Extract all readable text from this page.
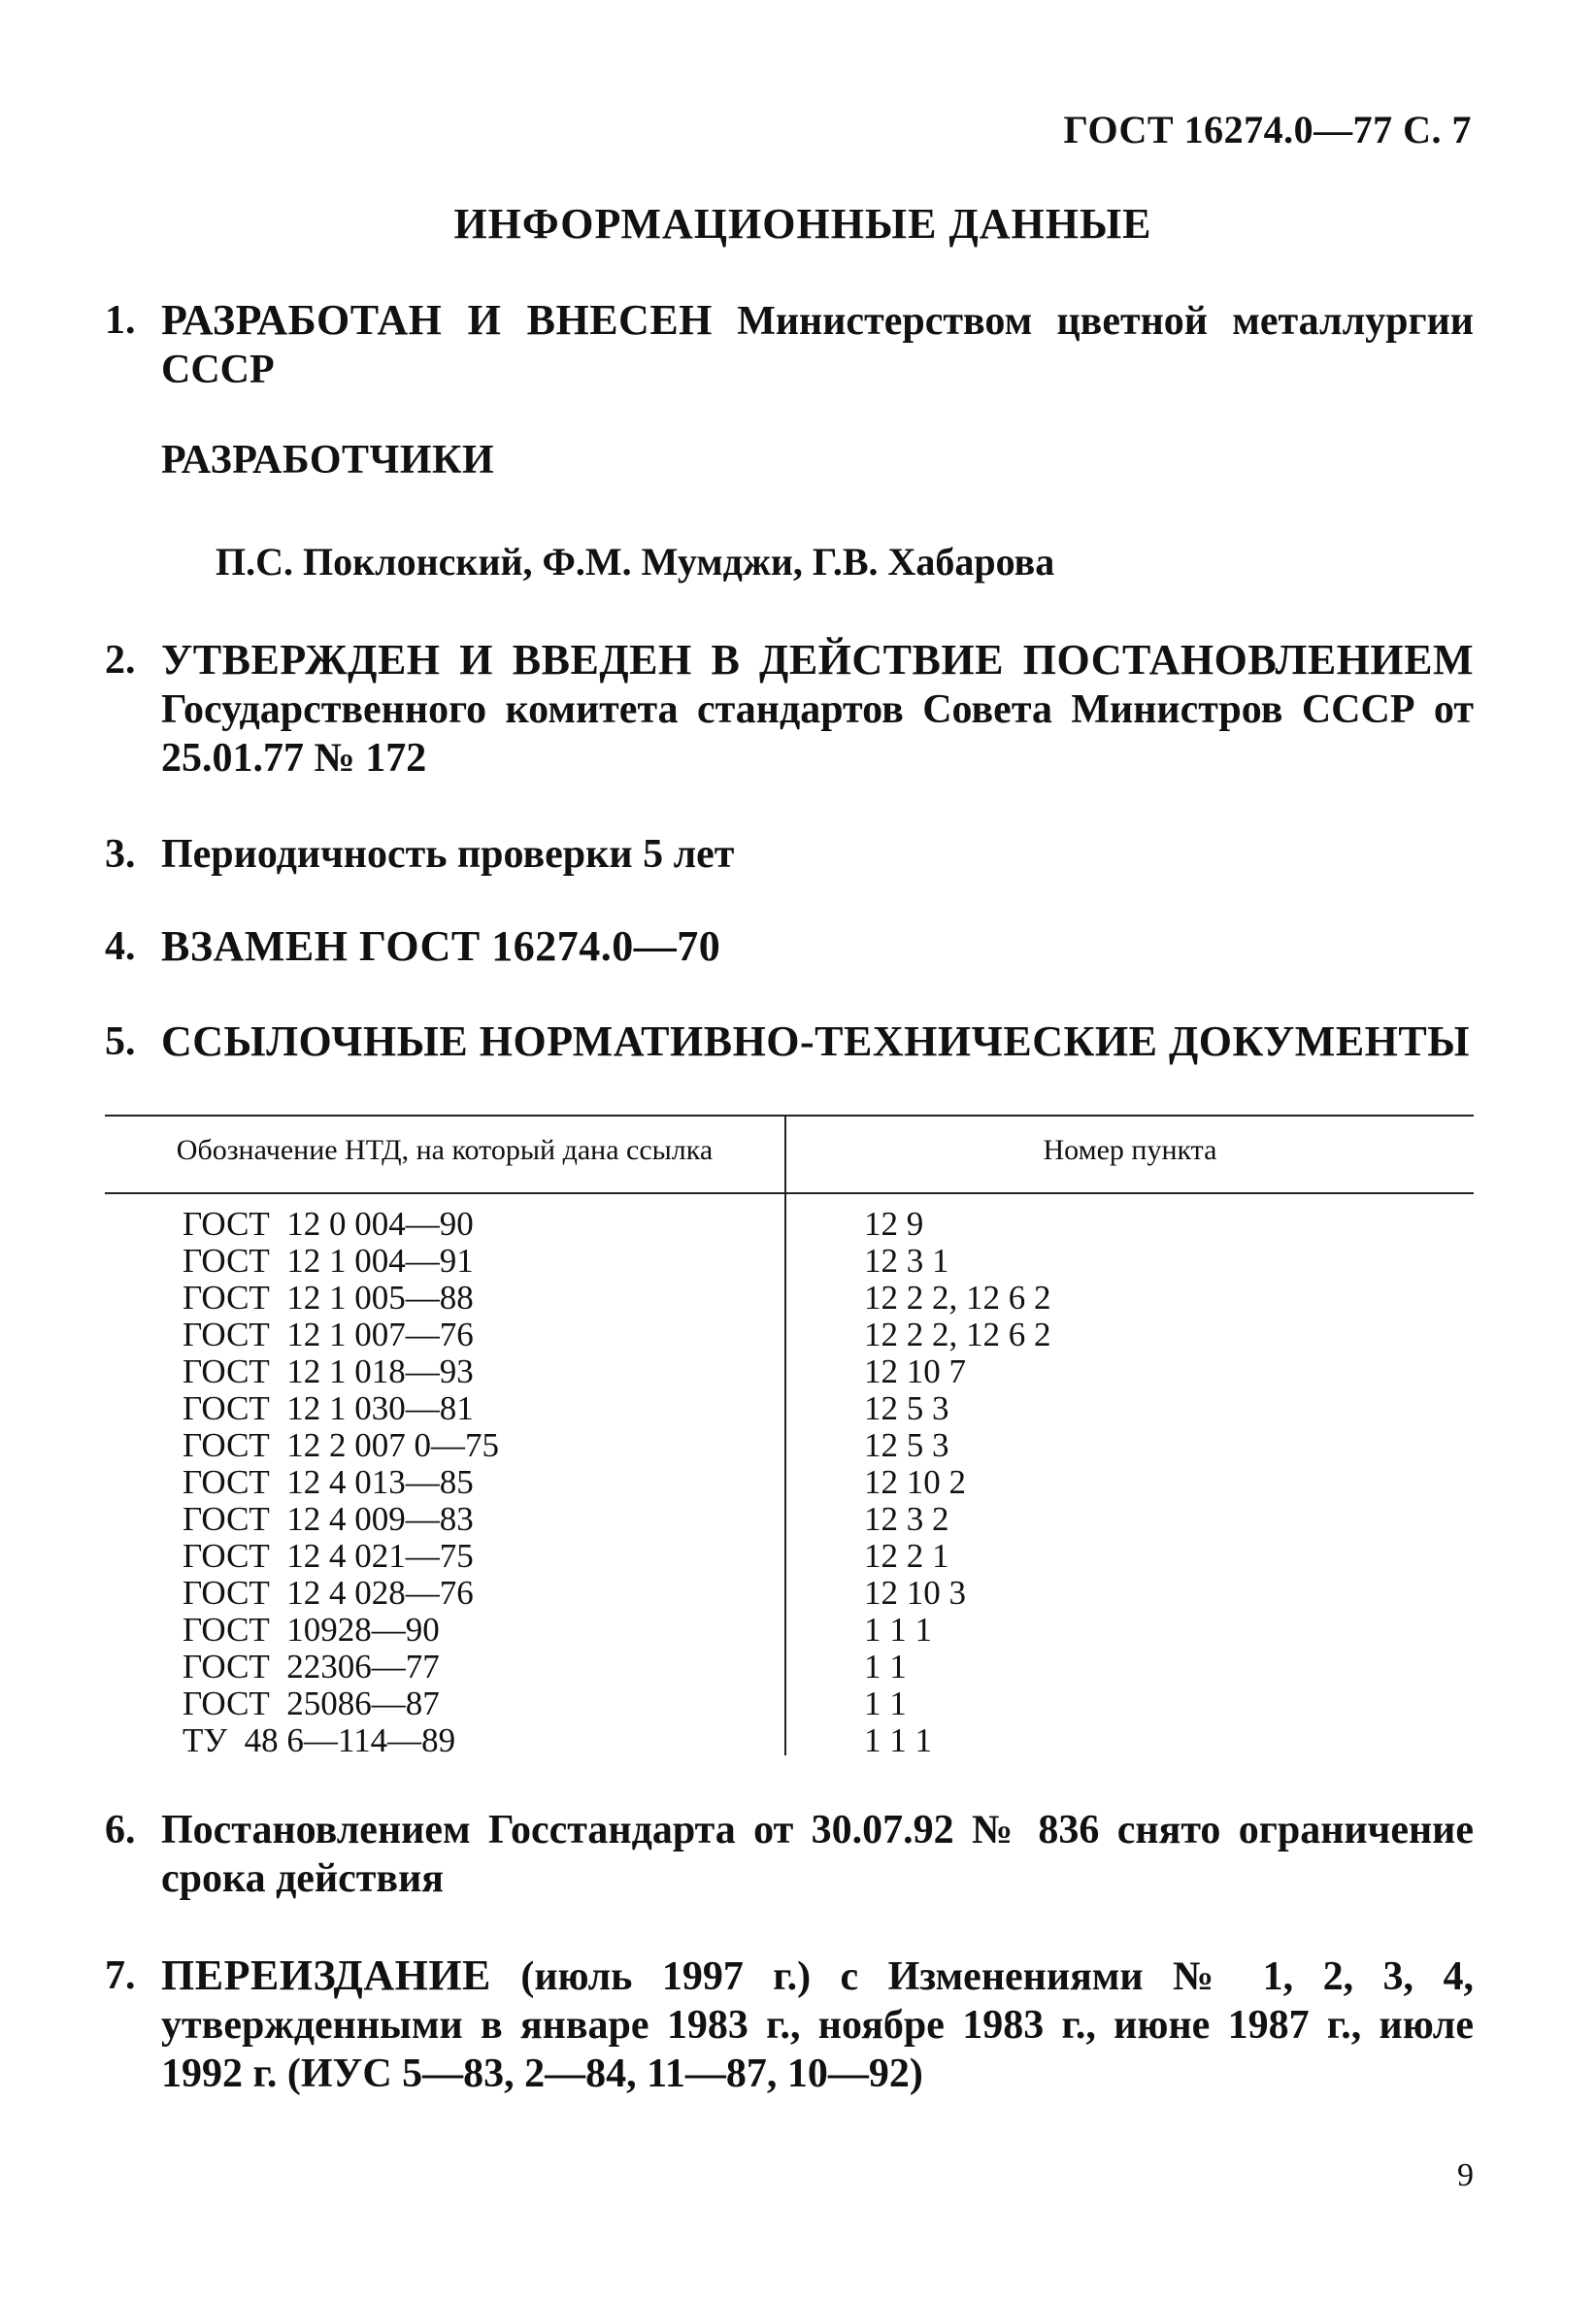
ГОСТ 16274.0—77 С. 7
ИНФОРМАЦИОННЫЕ ДАННЫЕ
1. РАЗРАБОТАН И ВНЕСЕН Министерством цветной металлургии СССР
РАЗРАБОТЧИКИ
П.С. Поклонский, Ф.М. Мумджи, Г.В. Хабарова
2. УТВЕРЖДЕН И ВВЕДЕН В ДЕЙСТВИЕ ПОСТАНОВЛЕНИЕМ Государственного комитета стандартов Совета Министров СССР от 25.01.77 № 172
3. Периодичность проверки 5 лет
4. ВЗАМЕН ГОСТ 16274.0—70
5. ССЫЛОЧНЫЕ НОРМАТИВНО-ТЕХНИЧЕСКИЕ ДОКУМЕНТЫ
Обозначение НТД, на который дана ссылка	Номер пункта
ГОСТ  12 0 004—90	12 9
ГОСТ  12 1 004—91	12 3 1
ГОСТ  12 1 005—88	12 2 2, 12 6 2
ГОСТ  12 1 007—76	12 2 2, 12 6 2
ГОСТ  12 1 018—93	12 10 7
ГОСТ  12 1 030—81	12 5 3
ГОСТ  12 2 007 0—75	12 5 3
ГОСТ  12 4 013—85	12 10 2
ГОСТ  12 4 009—83	12 3 2
ГОСТ  12 4 021—75	12 2 1
ГОСТ  12 4 028—76	12 10 3
ГОСТ  10928—90	1 1 1
ГОСТ  22306—77	1 1
ГОСТ  25086—87	1 1
ТУ  48 6—114—89	1 1 1
6. Постановлением Госстандарта от 30.07.92 № 836 снято ограничение срока действия
7. ПЕРЕИЗДАНИЕ (июль 1997 г.) с Изменениями № 1, 2, 3, 4, утвержденными в январе 1983 г., ноябре 1983 г., июне 1987 г., июле 1992 г. (ИУС 5—83, 2—84, 11—87, 10—92)
9
